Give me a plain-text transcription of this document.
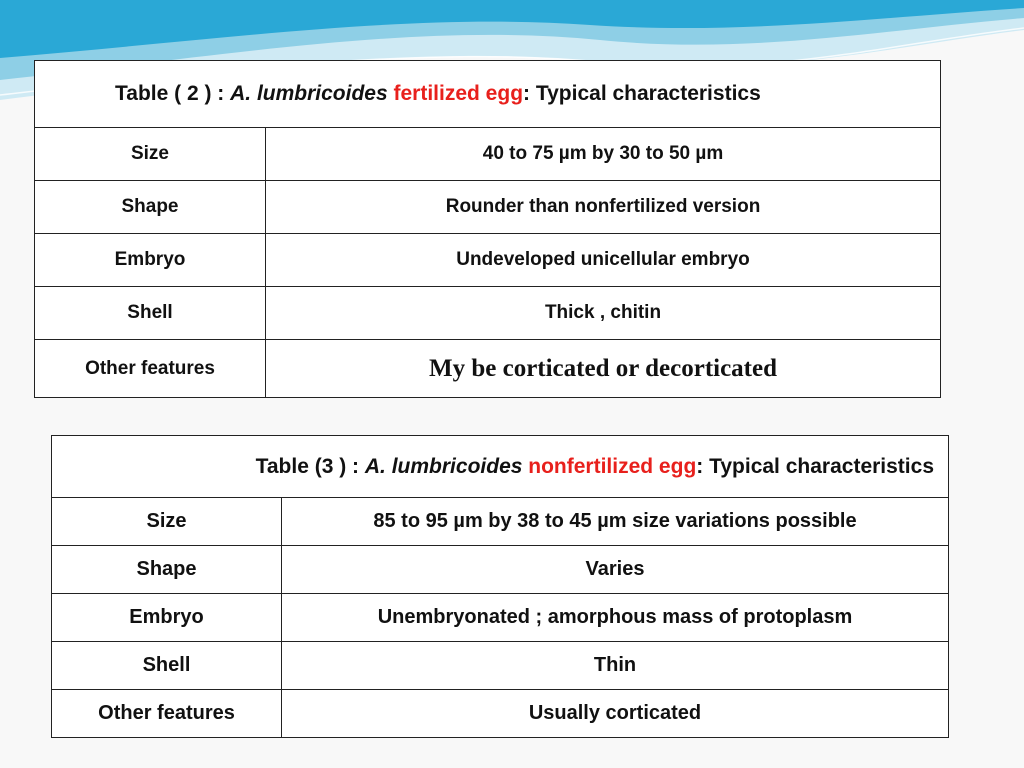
Table ( 2 ) : A. lumbricoides fertilized egg: Typical characteristics	
Size	40 to 75 µm by 30 to 50 µm
Shape	Rounder than nonfertilized version
Embryo	Undeveloped unicellular embryo
Shell	Thick , chitin
Other features	My be corticated or decorticated
Table (3 ) : A. lumbricoides nonfertilized egg: Typical characteristics	
Size	85 to 95 µm by 38 to 45 µm size variations possible
Shape	Varies
Embryo	Unembryonated ; amorphous mass of protoplasm
Shell	Thin
Other features	Usually corticated
